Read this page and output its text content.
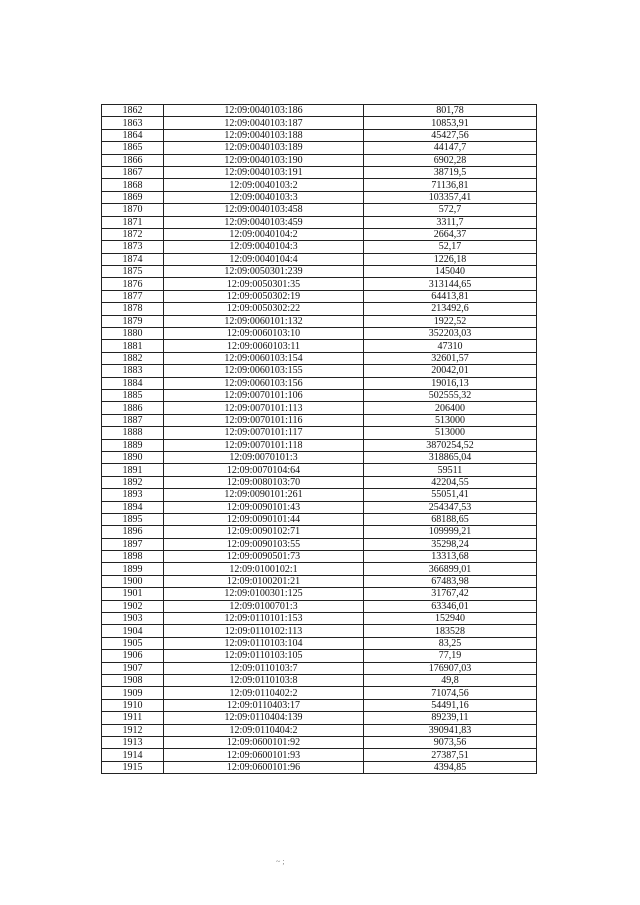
1862	12:09:0040103:186	801,78
1863	12:09:0040103:187	10853,91
1864	12:09:0040103:188	45427,56
1865	12:09:0040103:189	44147,7
1866	12:09:0040103:190	6902,28
1867	12:09:0040103:191	38719,5
1868	12:09:0040103:2	71136,81
1869	12:09:0040103:3	103357,41
1870	12:09:0040103:458	572,7
1871	12:09:0040103:459	3311,7
1872	12:09:0040104:2	2664,37
1873	12:09:0040104:3	52,17
1874	12:09:0040104:4	1226,18
1875	12:09:0050301:239	145040
1876	12:09:0050301:35	313144,65
1877	12:09:0050302:19	64413,81
1878	12:09:0050302:22	213492,6
1879	12:09:0060101:132	1922,52
1880	12:09:0060103:10	352203,03
1881	12:09:0060103:11	47310
1882	12:09:0060103:154	32601,57
1883	12:09:0060103:155	20042,01
1884	12:09:0060103:156	19016,13
1885	12:09:0070101:106	502555,32
1886	12:09:0070101:113	206400
1887	12:09:0070101:116	513000
1888	12:09:0070101:117	513000
1889	12:09:0070101:118	3870254,52
1890	12:09:0070101:3	318865,04
1891	12:09:0070104:64	59511
1892	12:09:0080103:70	42204,55
1893	12:09:0090101:261	55051,41
1894	12:09:0090101:43	254347,53
1895	12:09:0090101:44	68188,65
1896	12:09:0090102:71	109999,21
1897	12:09:0090103:55	35298,24
1898	12:09:0090501:73	13313,68
1899	12:09:0100102:1	366899,01
1900	12:09:0100201:21	67483,98
1901	12:09:0100301:125	31767,42
1902	12:09:0100701:3	63346,01
1903	12:09:0110101:153	152940
1904	12:09:0110102:113	183528
1905	12:09:0110103:104	83,25
1906	12:09:0110103:105	77,19
1907	12:09:0110103:7	176907,03
1908	12:09:0110103:8	49,8
1909	12:09:0110402:2	71074,56
1910	12:09:0110403:17	54491,16
1911	12:09:0110404:139	89239,11
1912	12:09:0110404:2	390941,83
1913	12:09:0600101:92	9073,56
1914	12:09:0600101:93	27387,51
1915	12:09:0600101:96	4394,85
~ ;
